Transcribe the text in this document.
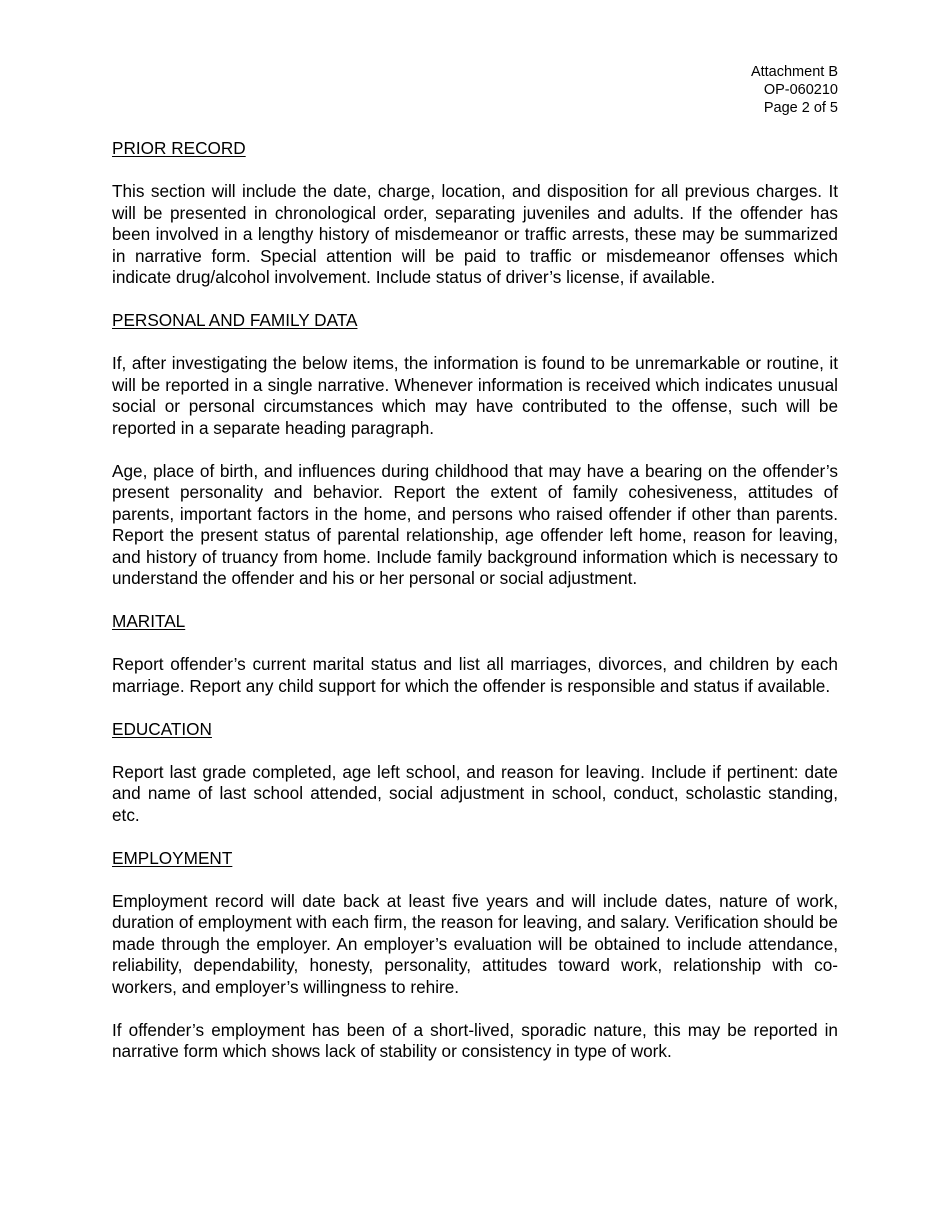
Attachment B
OP-060210
Page 2 of 5
PRIOR RECORD
This section will include the date, charge, location, and disposition for all previous charges. It will be presented in chronological order, separating juveniles and adults. If the offender has been involved in a lengthy history of misdemeanor or traffic arrests, these may be summarized in narrative form. Special attention will be paid to traffic or misdemeanor offenses which indicate drug/alcohol involvement. Include status of driver’s license, if available.
PERSONAL AND FAMILY DATA
If, after investigating the below items, the information is found to be unremarkable or routine, it will be reported in a single narrative. Whenever information is received which indicates unusual social or personal circumstances which may have contributed to the offense, such will be reported in a separate heading paragraph.
Age, place of birth, and influences during childhood that may have a bearing on the offender’s present personality and behavior. Report the extent of family cohesiveness, attitudes of parents, important factors in the home, and persons who raised offender if other than parents. Report the present status of parental relationship, age offender left home, reason for leaving, and history of truancy from home. Include family background information which is necessary to understand the offender and his or her personal or social adjustment.
MARITAL
Report offender’s current marital status and list all marriages, divorces, and children by each marriage. Report any child support for which the offender is responsible and status if available.
EDUCATION
Report last grade completed, age left school, and reason for leaving. Include if pertinent: date and name of last school attended, social adjustment in school, conduct, scholastic standing, etc.
EMPLOYMENT
Employment record will date back at least five years and will include dates, nature of work, duration of employment with each firm, the reason for leaving, and salary. Verification should be made through the employer. An employer’s evaluation will be obtained to include attendance, reliability, dependability, honesty, personality, attitudes toward work, relationship with co-workers, and employer’s willingness to rehire.
If offender’s employment has been of a short-lived, sporadic nature, this may be reported in narrative form which shows lack of stability or consistency in type of work.
